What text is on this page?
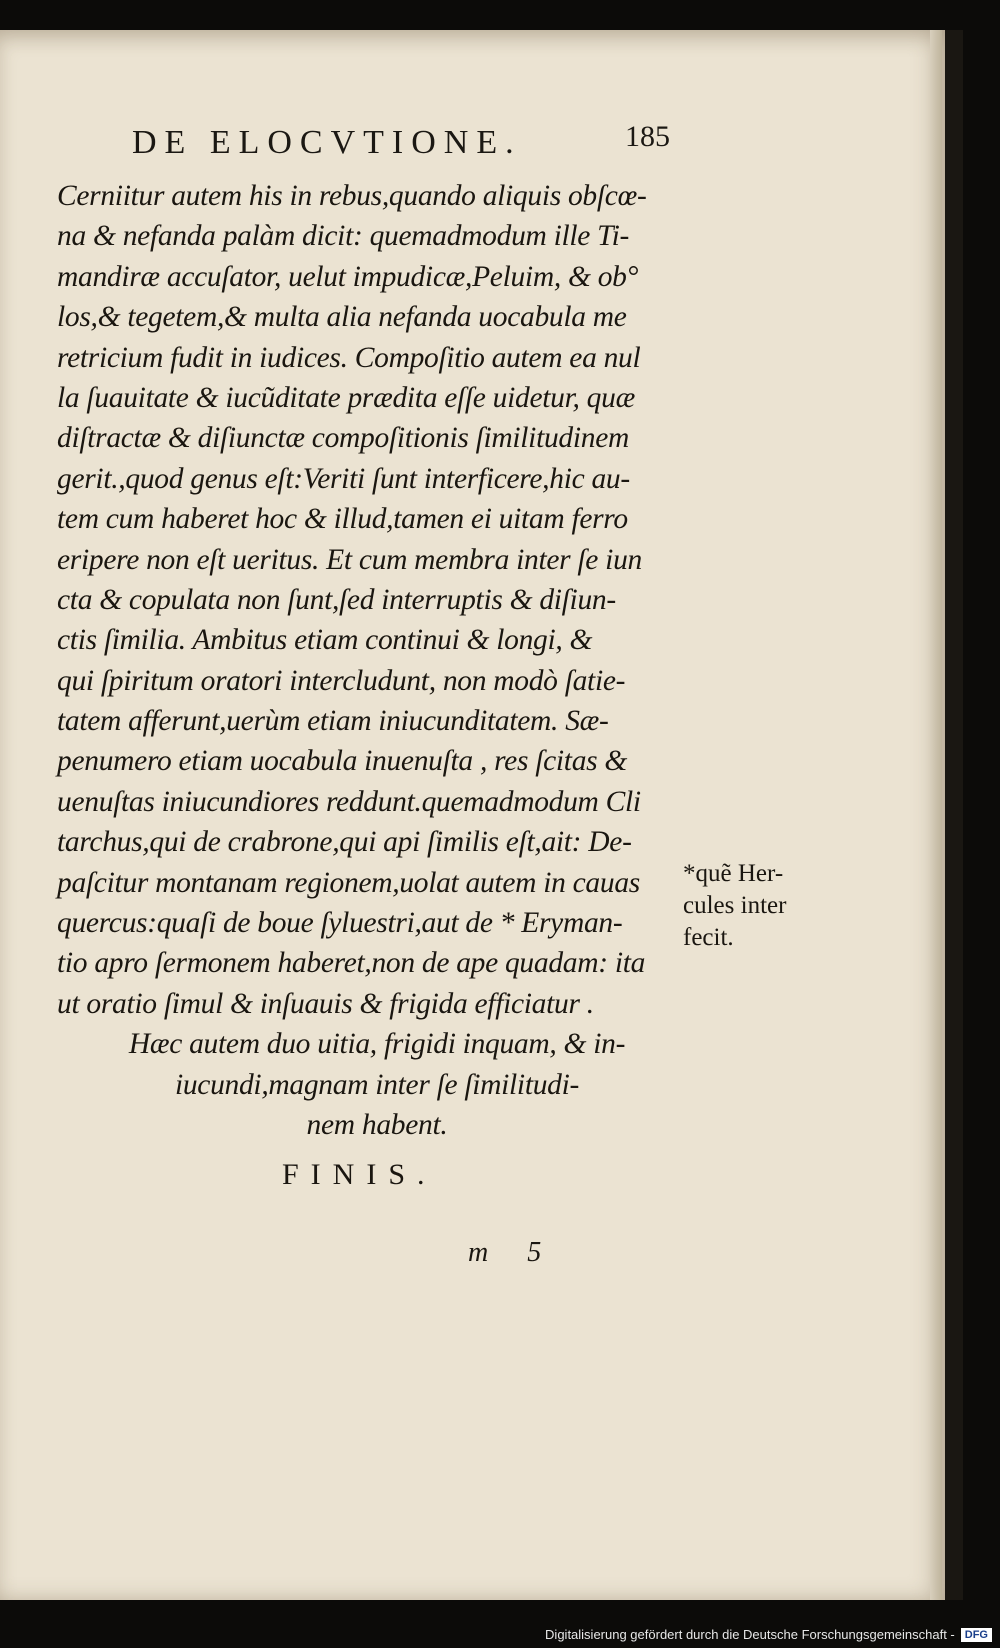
DE ELOCVTIONE.	185
Cerniitur autem his in rebus,quando aliquis obſcœ-
na & nefanda palàm dicit: quemadmodum ille Ti-
mandiræ accuſator, uelut impudicæ,Peluim, & ob°
los,& tegetem,& multa alia nefanda uocabula me
retricium fudit in iudices. Compoſitio autem ea nul
la ſuauitate & iucũditate prædita eſſe uidetur, quæ
diſtractæ & diſiunctæ compoſitionis ſimilitudinem
gerit.,quod genus eſt:Veriti ſunt interficere,hic au-
tem cum haberet hoc & illud,tamen ei uitam ferro
eripere non eſt ueritus. Et cum membra inter ſe iun
cta & copulata non ſunt,ſed interruptis & diſiun-
ctis ſimilia. Ambitus etiam continui & longi, &
qui ſpiritum oratori intercludunt, non modò ſatie-
tatem afferunt,uerùm etiam iniucunditatem. Sæ-
penumero etiam uocabula inuenuſta , res ſcitas &
uenuſtas iniucundiores reddunt.quemadmodum Cli
tarchus,qui de crabrone,qui api ſimilis eſt,ait: De-
paſcitur montanam regionem,uolat autem in cauas
quercus:quaſi de boue ſyluestri,aut de * Eryman-
tio apro ſermonem haberet,non de ape quadam: ita
ut oratio ſimul & inſuauis & frigida efficiatur .
Hæc autem duo uitia, frigidi inquam, & in-
iucundi,magnam inter ſe ſimilitudi-
nem habent.
*quẽ Her-
cules inter
fecit.
FINIS.
m 5
Digitalisierung gefördert durch die Deutsche Forschungsgemeinschaft - DFG
